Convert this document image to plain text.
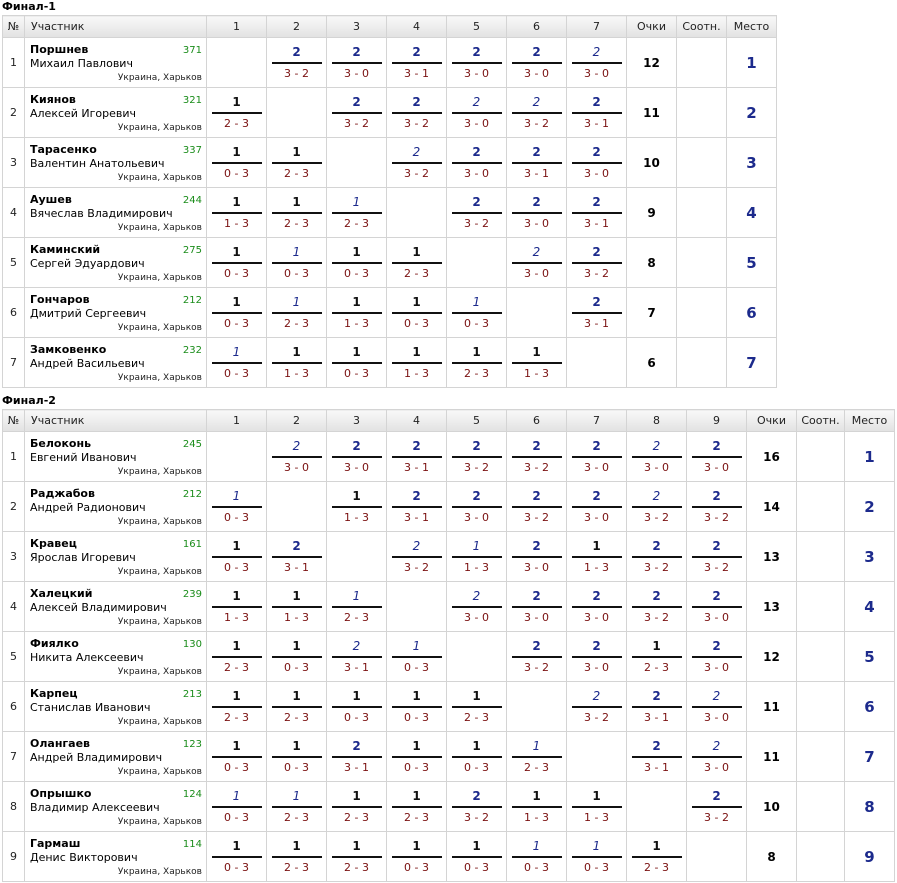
Финал-1
№	Участник	1	2	3	4	5	6	7	Очки	Соотн.	Место
1	Поршнев
Михаил Павлович
371
Украина, Харьков		$\frac{2}{3 - 2}$	$\frac{2}{3 - 0}$	$\frac{2}{3 - 1}$	$\frac{2}{3 - 0}$	$\frac{2}{3 - 0}$	$\frac{2}{3 - 0}$	12		1
2	Киянов
Алексей Игоревич
321
Украина, Харьков	$\frac{1}{2 - 3}$		$\frac{2}{3 - 2}$	$\frac{2}{3 - 2}$	$\frac{2}{3 - 0}$	$\frac{2}{3 - 2}$	$\frac{2}{3 - 1}$	11		2
3	Тарасенко
Валентин Анатольевич
337
Украина, Харьков	$\frac{1}{0 - 3}$	$\frac{1}{2 - 3}$		$\frac{2}{3 - 2}$	$\frac{2}{3 - 0}$	$\frac{2}{3 - 1}$	$\frac{2}{3 - 0}$	10		3
4	Аушев
Вячеслав Владимирович
244
Украина, Харьков	$\frac{1}{1 - 3}$	$\frac{1}{2 - 3}$	$\frac{1}{2 - 3}$		$\frac{2}{3 - 2}$	$\frac{2}{3 - 0}$	$\frac{2}{3 - 1}$	9		4
5	Каминский
Сергей Эдуардович
275
Украина, Харьков	$\frac{1}{0 - 3}$	$\frac{1}{0 - 3}$	$\frac{1}{0 - 3}$	$\frac{1}{2 - 3}$		$\frac{2}{3 - 0}$	$\frac{2}{3 - 2}$	8		5
6	Гончаров
Дмитрий Сергеевич
212
Украина, Харьков	$\frac{1}{0 - 3}$	$\frac{1}{2 - 3}$	$\frac{1}{1 - 3}$	$\frac{1}{0 - 3}$	$\frac{1}{0 - 3}$		$\frac{2}{3 - 1}$	7		6
7	Замковенко
Андрей Васильевич
232
Украина, Харьков	$\frac{1}{0 - 3}$	$\frac{1}{1 - 3}$	$\frac{1}{0 - 3}$	$\frac{1}{1 - 3}$	$\frac{1}{2 - 3}$	$\frac{1}{1 - 3}$		6		7
Финал-2
№	Участник	1	2	3	4	5	6	7	8	9	Очки	Соотн.	Место
1	Белоконь
Евгений Иванович
245
Украина, Харьков		$\frac{2}{3 - 0}$	$\frac{2}{3 - 0}$	$\frac{2}{3 - 1}$	$\frac{2}{3 - 2}$	$\frac{2}{3 - 2}$	$\frac{2}{3 - 0}$	$\frac{2}{3 - 0}$	$\frac{2}{3 - 0}$	16		1
2	Раджабов
Андрей Радионович
212
Украина, Харьков	$\frac{1}{0 - 3}$		$\frac{1}{1 - 3}$	$\frac{2}{3 - 1}$	$\frac{2}{3 - 0}$	$\frac{2}{3 - 2}$	$\frac{2}{3 - 0}$	$\frac{2}{3 - 2}$	$\frac{2}{3 - 2}$	14		2
3	Кравец
Ярослав Игоревич
161
Украина, Харьков	$\frac{1}{0 - 3}$	$\frac{2}{3 - 1}$		$\frac{2}{3 - 2}$	$\frac{1}{1 - 3}$	$\frac{2}{3 - 0}$	$\frac{1}{1 - 3}$	$\frac{2}{3 - 2}$	$\frac{2}{3 - 2}$	13		3
4	Халецкий
Алексей Владимирович
239
Украина, Харьков	$\frac{1}{1 - 3}$	$\frac{1}{1 - 3}$	$\frac{1}{2 - 3}$		$\frac{2}{3 - 0}$	$\frac{2}{3 - 0}$	$\frac{2}{3 - 0}$	$\frac{2}{3 - 2}$	$\frac{2}{3 - 0}$	13		4
5	Фиялко
Никита Алексеевич
130
Украина, Харьков	$\frac{1}{2 - 3}$	$\frac{1}{0 - 3}$	$\frac{2}{3 - 1}$	$\frac{1}{0 - 3}$		$\frac{2}{3 - 2}$	$\frac{2}{3 - 0}$	$\frac{1}{2 - 3}$	$\frac{2}{3 - 0}$	12		5
6	Карпец
Станислав Иванович
213
Украина, Харьков	$\frac{1}{2 - 3}$	$\frac{1}{2 - 3}$	$\frac{1}{0 - 3}$	$\frac{1}{0 - 3}$	$\frac{1}{2 - 3}$		$\frac{2}{3 - 2}$	$\frac{2}{3 - 1}$	$\frac{2}{3 - 0}$	11		6
7	Олангаев
Андрей Владимирович
123
Украина, Харьков	$\frac{1}{0 - 3}$	$\frac{1}{0 - 3}$	$\frac{2}{3 - 1}$	$\frac{1}{0 - 3}$	$\frac{1}{0 - 3}$	$\frac{1}{2 - 3}$		$\frac{2}{3 - 1}$	$\frac{2}{3 - 0}$	11		7
8	Опрышко
Владимир Алексеевич
124
Украина, Харьков	$\frac{1}{0 - 3}$	$\frac{1}{2 - 3}$	$\frac{1}{2 - 3}$	$\frac{1}{2 - 3}$	$\frac{2}{3 - 2}$	$\frac{1}{1 - 3}$	$\frac{1}{1 - 3}$		$\frac{2}{3 - 2}$	10		8
9	Гармаш
Денис Викторович
114
Украина, Харьков	$\frac{1}{0 - 3}$	$\frac{1}{2 - 3}$	$\frac{1}{2 - 3}$	$\frac{1}{0 - 3}$	$\frac{1}{0 - 3}$	$\frac{1}{0 - 3}$	$\frac{1}{0 - 3}$	$\frac{1}{2 - 3}$		8		9
